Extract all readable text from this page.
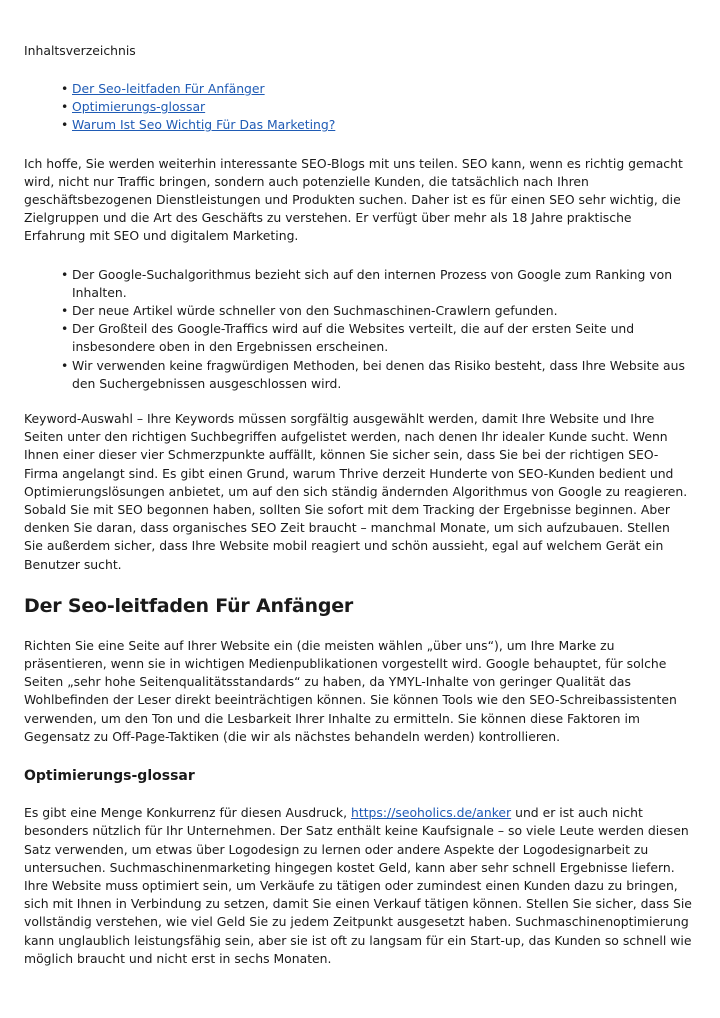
Inhaltsverzeichnis
• Der Seo-leitfaden Für Anfänger
• Optimierungs-glossar
• Warum Ist Seo Wichtig Für Das Marketing?

Ich hoffe, Sie werden weiterhin interessante SEO-Blogs mit uns teilen. SEO kann, wenn es richtig gemacht wird, nicht nur Traffic bringen, sondern auch potenzielle Kunden, die tatsächlich nach Ihren geschäftsbezogenen Dienstleistungen und Produkten suchen. Daher ist es für einen SEO sehr wichtig, die Zielgruppen und die Art des Geschäfts zu verstehen. Er verfügt über mehr als 18 Jahre praktische Erfahrung mit SEO und digitalem Marketing.

• Der Google-Suchalgorithmus bezieht sich auf den internen Prozess von Google zum Ranking von Inhalten.
• Der neue Artikel würde schneller von den Suchmaschinen-Crawlern gefunden.
• Der Großteil des Google-Traffics wird auf die Websites verteilt, die auf der ersten Seite und insbesondere oben in den Ergebnissen erscheinen.
• Wir verwenden keine fragwürdigen Methoden, bei denen das Risiko besteht, dass Ihre Website aus den Suchergebnissen ausgeschlossen wird.

Keyword-Auswahl – Ihre Keywords müssen sorgfältig ausgewählt werden, damit Ihre Website und Ihre Seiten unter den richtigen Suchbegriffen aufgelistet werden, nach denen Ihr idealer Kunde sucht. Wenn Ihnen einer dieser vier Schmerzpunkte auffällt, können Sie sicher sein, dass Sie bei der richtigen SEO-Firma angelangt sind. Es gibt einen Grund, warum Thrive derzeit Hunderte von SEO-Kunden bedient und Optimierungslösungen anbietet, um auf den sich ständig ändernden Algorithmus von Google zu reagieren. Sobald Sie mit SEO begonnen haben, sollten Sie sofort mit dem Tracking der Ergebnisse beginnen. Aber denken Sie daran, dass organisches SEO Zeit braucht – manchmal Monate, um sich aufzubauen. Stellen Sie außerdem sicher, dass Ihre Website mobil reagiert und schön aussieht, egal auf welchem Gerät ein Benutzer sucht.

Der Seo-leitfaden Für Anfänger

Richten Sie eine Seite auf Ihrer Website ein (die meisten wählen „über uns“), um Ihre Marke zu präsentieren, wenn sie in wichtigen Medienpublikationen vorgestellt wird. Google behauptet, für solche Seiten „sehr hohe Seitenqualitätsstandards“ zu haben, da YMYL-Inhalte von geringer Qualität das Wohlbefinden der Leser direkt beeinträchtigen können. Sie können Tools wie den SEO-Schreibassistenten verwenden, um den Ton und die Lesbarkeit Ihrer Inhalte zu ermitteln. Sie können diese Faktoren im Gegensatz zu Off-Page-Taktiken (die wir als nächstes behandeln werden) kontrollieren.

Optimierungs-glossar

Es gibt eine Menge Konkurrenz für diesen Ausdruck, https://seoholics.de/anker und er ist auch nicht besonders nützlich für Ihr Unternehmen. Der Satz enthält keine Kaufsignale – so viele Leute werden diesen Satz verwenden, um etwas über Logodesign zu lernen oder andere Aspekte der Logodesignarbeit zu untersuchen. Suchmaschinenmarketing hingegen kostet Geld, kann aber sehr schnell Ergebnisse liefern. Ihre Website muss optimiert sein, um Verkäufe zu tätigen oder zumindest einen Kunden dazu zu bringen, sich mit Ihnen in Verbindung zu setzen, damit Sie einen Verkauf tätigen können. Stellen Sie sicher, dass Sie vollständig verstehen, wie viel Geld Sie zu jedem Zeitpunkt ausgesetzt haben. Suchmaschinenoptimierung kann unglaublich leistungsfähig sein, aber sie ist oft zu langsam für ein Start-up, das Kunden so schnell wie möglich braucht und nicht erst in sechs Monaten.
